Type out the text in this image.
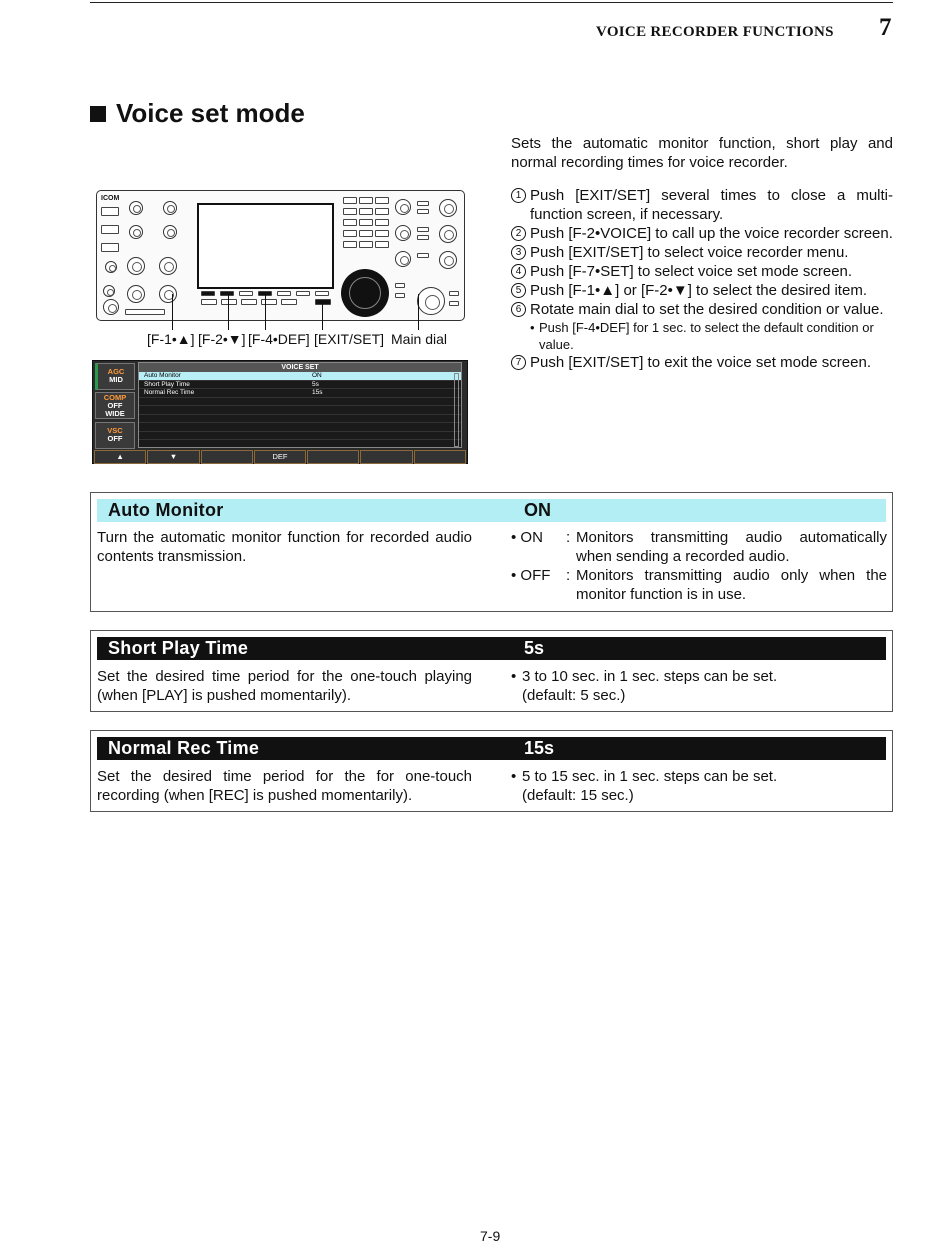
VOICE RECORDER FUNCTIONS 7
Voice set mode
Sets the automatic monitor function, short play and normal recording times for voice recorder.
1 Push [EXIT/SET] several times to close a multi-function screen, if necessary.
2 Push [F-2•VOICE] to call up the voice recorder screen.
3 Push [EXIT/SET] to select voice recorder menu.
4 Push [F-7•SET] to select voice set mode screen.
5 Push [F-1•▲] or [F-2•▼] to select the desired item.
6 Rotate main dial to set the desired condition or value.
• Push [F-4•DEF] for 1 sec. to select the default condition or value.
7 Push [EXIT/SET] to exit the voice set mode screen.
ICOM
[F-1•▲] [F-2•▼] [F-4•DEF] [EXIT/SET] Main dial
AGC
MID
COMP
OFF
WIDE
VSC
OFF
VOICE SET
Auto Monitor	ON
Short Play Time	5s
Normal Rec Time	15s
▲	▼	DEF
Auto Monitor	ON
Turn the automatic monitor function for recorded audio contents transmission.
• ON	: Monitors transmitting audio automatically when sending a recorded audio.
• OFF	: Monitors transmitting audio only when the monitor function is in use.
Short Play Time	5s
Set the desired time period for the one-touch playing (when [PLAY] is pushed momentarily).
• 3 to 10 sec. in 1 sec. steps can be set.
(default: 5 sec.)
Normal Rec Time	15s
Set the desired time period for the for one-touch recording (when [REC] is pushed momentarily).
• 5 to 15 sec. in 1 sec. steps can be set.
(default: 15 sec.)
7-9
